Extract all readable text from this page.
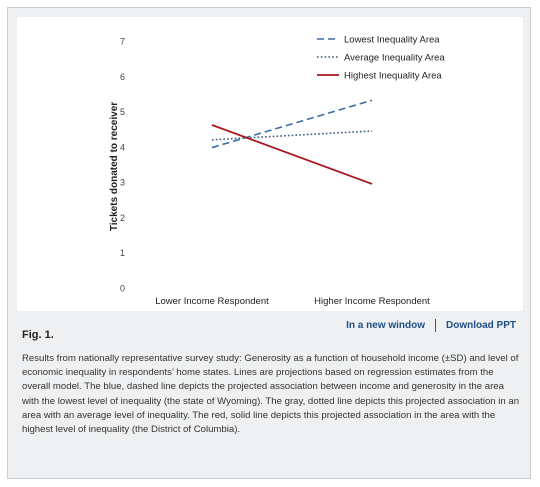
0
1
2
3
4
5
6
7
Tickets donated to receiver
Lower Income Respondent	Higher Income Respondent
Lowest Inequality Area
Average Inequality Area
Highest Inequality Area
In a new window Download PPT
Fig. 1.
Results from nationally representative survey study: Generosity as a function of household income (±SD) and level of economic inequality in respondents’ home states. Lines are projections based on regression estimates from the overall model. The blue, dashed line depicts the projected association between income and generosity in the area with the lowest level of inequality (the state of Wyoming). The gray, dotted line depicts this projected association in an area with an average level of inequality. The red, solid line depicts this projected association in the area with the highest level of inequality (the District of Columbia).
